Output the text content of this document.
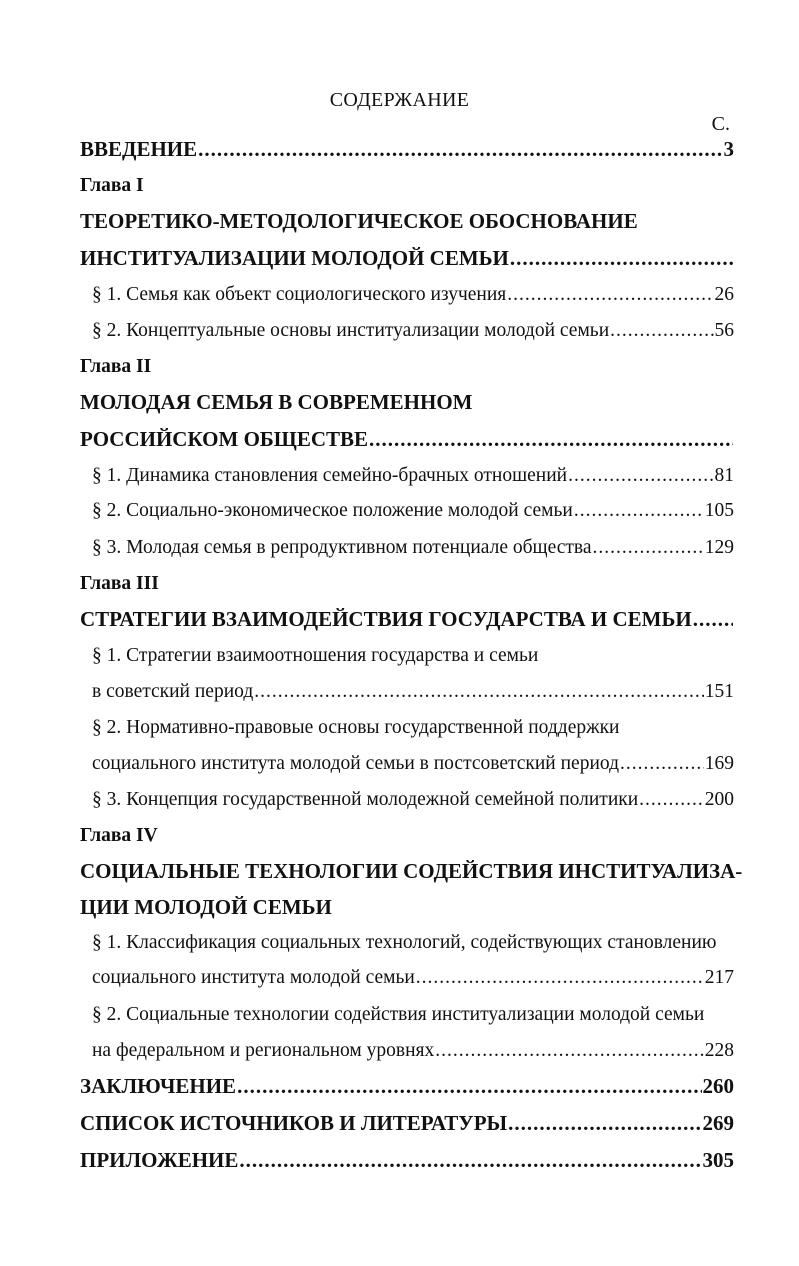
СОДЕРЖАНИЕ
С.
ВВЕДЕНИЕ .....	3
Глава I
ТЕОРЕТИКО-МЕТОДОЛОГИЧЕСКОЕ ОБОСНОВАНИЕ
ИНСТИТУАЛИЗАЦИИ МОЛОДОЙ СЕМЬИ
.....
§ 1. Семья как объект социологического изучения .....	26
§ 2. Концептуальные основы институализации молодой семьи .....	56
Глава II
МОЛОДАЯ СЕМЬЯ В СОВРЕМЕННОМ
РОССИЙСКОМ ОБЩЕСТВЕ
.....
§ 1. Динамика становления семейно-брачных отношений .....	81
§ 2. Социально-экономическое положение молодой семьи .....	105
§ 3. Молодая семья в репродуктивном потенциале общества .....	129
Глава III
СТРАТЕГИИ ВЗАИМОДЕЙСТВИЯ ГОСУДАРСТВА И СЕМЬИ
.....
§ 1. Стратегии взаимоотношения государства и семьи
в советский период .....	151
§ 2. Нормативно-правовые основы государственной поддержки
социального института молодой семьи в постсоветский период .....	169
§ 3. Концепция государственной молодежной семейной политики .....	200
Глава IV
СОЦИАЛЬНЫЕ ТЕХНОЛОГИИ СОДЕЙСТВИЯ ИНСТИТУАЛИЗА-
ЦИИ МОЛОДОЙ СЕМЬИ
§ 1. Классификация социальных технологий, содействующих становлению
социального института молодой семьи .....	217
§ 2. Социальные технологии содействия институализации молодой семьи
на федеральном и региональном уровнях .....	228
ЗАКЛЮЧЕНИЕ .....	260
СПИСОК ИСТОЧНИКОВ И ЛИТЕРАТУРЫ .....	269
ПРИЛОЖЕНИЕ .....	305
